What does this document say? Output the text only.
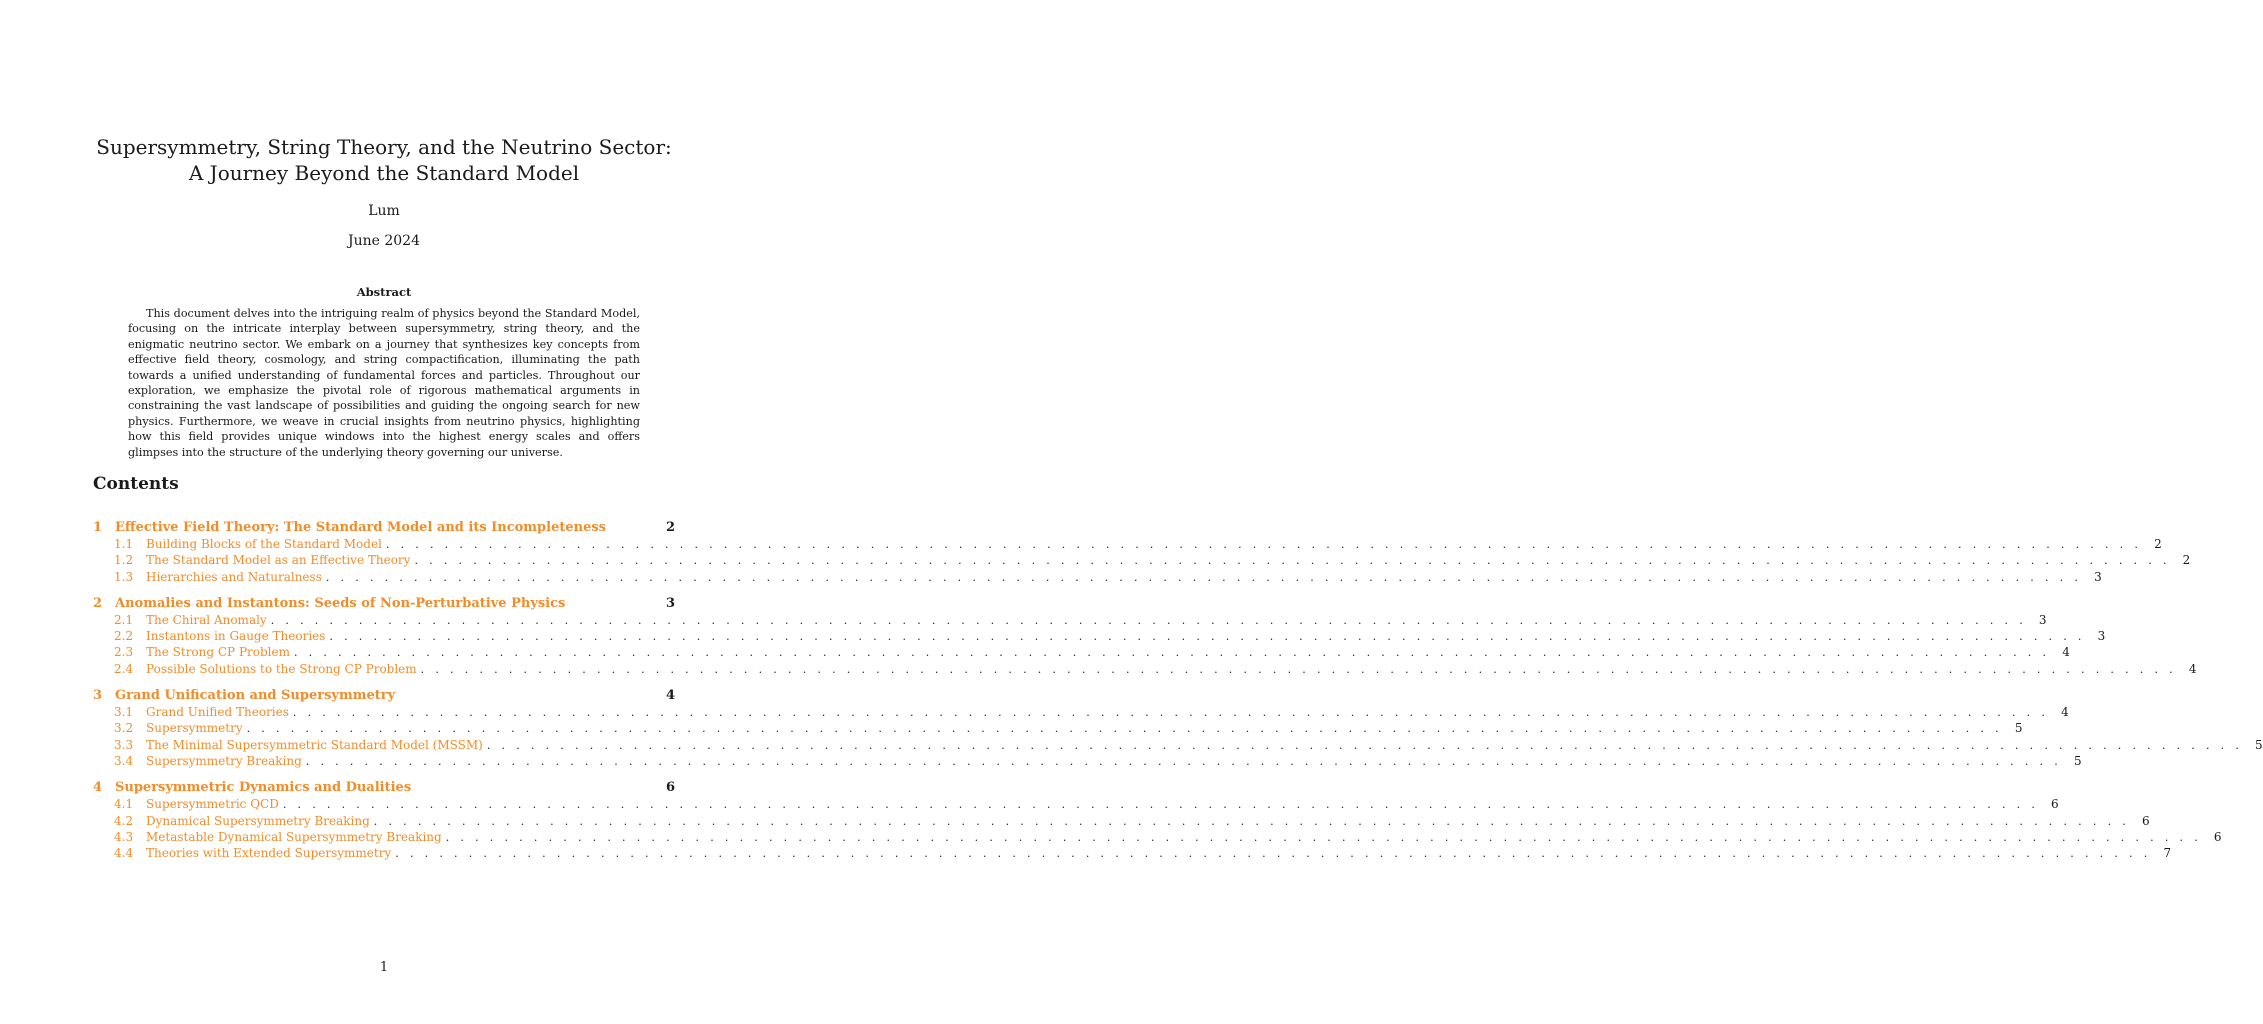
Supersymmetry, String Theory, and the Neutrino Sector:
A Journey Beyond the Standard Model
Lum
June 2024
Abstract

This document delves into the intriguing realm of physics beyond the Standard Model, focusing on the intricate interplay between supersymmetry, string theory, and the enigmatic neutrino sector. We embark on a journey that synthesizes key concepts from effective field theory, cosmology, and string compactification, illuminating the path towards a unified understanding of fundamental forces and particles. Throughout our exploration, we emphasize the pivotal role of rigorous mathematical arguments in constraining the vast landscape of possibilities and guiding the ongoing search for new physics. Furthermore, we weave in crucial insights from neutrino physics, highlighting how this field provides unique windows into the highest energy scales and offers glimpses into the structure of the underlying theory governing our universe.

Contents
1 Effective Field Theory: The Standard Model and its Incompleteness	2
1.1	Building Blocks of the Standard Model . . . . . . . . . . . . . . . . . . . . . . . . . . . . . . . . . . . . . . . . . . . . . . . . . . . . . . . . . . . . . . . . . . . . . . . . . . . . . . . . . . . . . . . . . . . . . . . . . . . . . . . . . . . . . . . . . . . . . . . .	2
1.2	The Standard Model as an Effective Theory . . . . . . . . . . . . . . . . . . . . . . . . . . . . . . . . . . . . . . . . . . . . . . . . . . . . . . . . . . . . . . . . . . . . . . . . . . . . . . . . . . . . . . . . . . . . . . . . . . . . . . . . . . . . . . . . . . . . . . . .	2
1.3	Hierarchies and Naturalness . . . . . . . . . . . . . . . . . . . . . . . . . . . . . . . . . . . . . . . . . . . . . . . . . . . . . . . . . . . . . . . . . . . . . . . . . . . . . . . . . . . . . . . . . . . . . . . . . . . . . . . . . . . . . . . . . . . . . . . .	3
2 Anomalies and Instantons: Seeds of Non-Perturbative Physics	3
2.1	The Chiral Anomaly . . . . . . . . . . . . . . . . . . . . . . . . . . . . . . . . . . . . . . . . . . . . . . . . . . . . . . . . . . . . . . . . . . . . . . . . . . . . . . . . . . . . . . . . . . . . . . . . . . . . . . . . . . . . . . . . . . . . . . . .	3
2.2	Instantons in Gauge Theories . . . . . . . . . . . . . . . . . . . . . . . . . . . . . . . . . . . . . . . . . . . . . . . . . . . . . . . . . . . . . . . . . . . . . . . . . . . . . . . . . . . . . . . . . . . . . . . . . . . . . . . . . . . . . . . . . . . . . . . .	3
2.3	The Strong CP Problem . . . . . . . . . . . . . . . . . . . . . . . . . . . . . . . . . . . . . . . . . . . . . . . . . . . . . . . . . . . . . . . . . . . . . . . . . . . . . . . . . . . . . . . . . . . . . . . . . . . . . . . . . . . . . . . . . . . . . . . .	4
2.4	Possible Solutions to the Strong CP Problem . . . . . . . . . . . . . . . . . . . . . . . . . . . . . . . . . . . . . . . . . . . . . . . . . . . . . . . . . . . . . . . . . . . . . . . . . . . . . . . . . . . . . . . . . . . . . . . . . . . . . . . . . . . . . . . . . . . . . . . .	4
3 Grand Unification and Supersymmetry	4
3.1	Grand Unified Theories . . . . . . . . . . . . . . . . . . . . . . . . . . . . . . . . . . . . . . . . . . . . . . . . . . . . . . . . . . . . . . . . . . . . . . . . . . . . . . . . . . . . . . . . . . . . . . . . . . . . . . . . . . . . . . . . . . . . . . . .	4
3.2	Supersymmetry . . . . . . . . . . . . . . . . . . . . . . . . . . . . . . . . . . . . . . . . . . . . . . . . . . . . . . . . . . . . . . . . . . . . . . . . . . . . . . . . . . . . . . . . . . . . . . . . . . . . . . . . . . . . . . . . . . . . . . . .	5
3.3	The Minimal Supersymmetric Standard Model (MSSM) . . . . . . . . . . . . . . . . . . . . . . . . . . . . . . . . . . . . . . . . . . . . . . . . . . . . . . . . . . . . . . . . . . . . . . . . . . . . . . . . . . . . . . . . . . . . . . . . . . . . . . . . . . . . . . . . . . . . . . . .	5
3.4	Supersymmetry Breaking . . . . . . . . . . . . . . . . . . . . . . . . . . . . . . . . . . . . . . . . . . . . . . . . . . . . . . . . . . . . . . . . . . . . . . . . . . . . . . . . . . . . . . . . . . . . . . . . . . . . . . . . . . . . . . . . . . . . . . . .	5
4 Supersymmetric Dynamics and Dualities	6
4.1	Supersymmetric QCD . . . . . . . . . . . . . . . . . . . . . . . . . . . . . . . . . . . . . . . . . . . . . . . . . . . . . . . . . . . . . . . . . . . . . . . . . . . . . . . . . . . . . . . . . . . . . . . . . . . . . . . . . . . . . . . . . . . . . . . .	6
4.2	Dynamical Supersymmetry Breaking . . . . . . . . . . . . . . . . . . . . . . . . . . . . . . . . . . . . . . . . . . . . . . . . . . . . . . . . . . . . . . . . . . . . . . . . . . . . . . . . . . . . . . . . . . . . . . . . . . . . . . . . . . . . . . . . . . . . . . . .	6
4.3	Metastable Dynamical Supersymmetry Breaking . . . . . . . . . . . . . . . . . . . . . . . . . . . . . . . . . . . . . . . . . . . . . . . . . . . . . . . . . . . . . . . . . . . . . . . . . . . . . . . . . . . . . . . . . . . . . . . . . . . . . . . . . . . . . . . . . . . . . . . .	6
4.4	Theories with Extended Supersymmetry . . . . . . . . . . . . . . . . . . . . . . . . . . . . . . . . . . . . . . . . . . . . . . . . . . . . . . . . . . . . . . . . . . . . . . . . . . . . . . . . . . . . . . . . . . . . . . . . . . . . . . . . . . . . . . . . . . . . . . . .	7
1
